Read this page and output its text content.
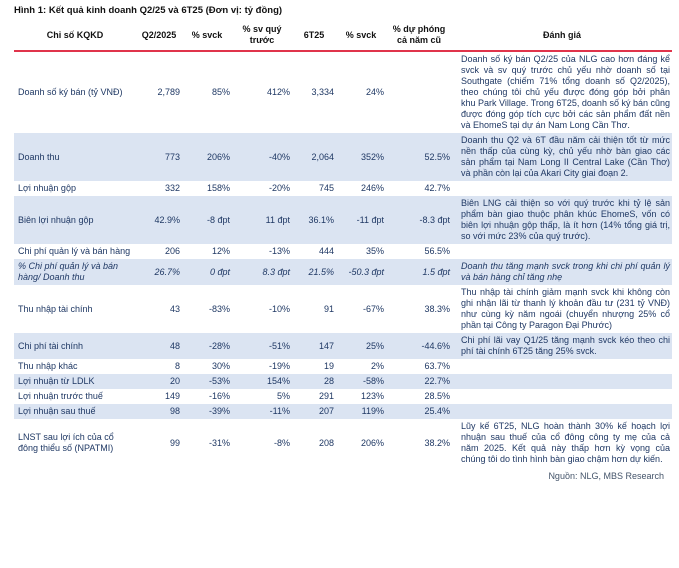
Hình 1: Kết quả kinh doanh Q2/25 và 6T25 (Đơn vị: tỷ đồng)
Chỉ số KQKD	Q2/2025	% svck	% sv quý trước	6T25	% svck	% dự phóng cả năm cũ	Đánh giá
Doanh số ký bán (tỷ VNĐ)	2,789	85%	412%	3,334	24%		Doanh số ký bán Q2/25 của NLG cao hơn đáng kể svck và sv quý trước chủ yếu nhờ doanh số tại Southgate (chiếm 71% tổng doanh số Q2/2025), theo chúng tôi chủ yếu được đóng góp bởi phân khu Park Village. Trong 6T25, doanh số ký bán cũng được đóng góp tích cực bởi các sản phẩm đất nền và EhomeS tại dự án Nam Long Cần Thơ.
Doanh thu	773	206%	-40%	2,064	352%	52.5%	Doanh thu Q2 và 6T đầu năm cải thiện tốt từ mức nền thấp của cùng kỳ, chủ yếu nhờ bàn giao các sản phẩm tại Nam Long II Central Lake (Cần Thơ) và phần còn lại của Akari City giai đoạn 2.
Lợi nhuận gộp	332	158%	-20%	745	246%	42.7%	
Biên lợi nhuận gộp	42.9%	-8 đpt	11 đpt	36.1%	-11 đpt	-8.3 đpt	Biên LNG cải thiện so với quý trước khi tỷ lệ sản phẩm bàn giao thuộc phân khúc EhomeS, vốn có biên lợi nhuận gộp thấp, là ít hơn (14% tổng giá trị, so với mức 23% của quý trước).
Chi phí quản lý và bán hàng	206	12%	-13%	444	35%	56.5%	
% Chi phí quản lý và bán hàng/ Doanh thu	26.7%	0 đpt	8.3 đpt	21.5%	-50.3 đpt	1.5 đpt	Doanh thu tăng mạnh svck trong khi chi phí quản lý và bán hàng chỉ tăng nhẹ
Thu nhập tài chính	43	-83%	-10%	91	-67%	38.3%	Thu nhập tài chính giảm mạnh svck khi không còn ghi nhận lãi từ thanh lý khoản đầu tư (231 tỷ VNĐ) như cùng kỳ năm ngoái (chuyển nhượng 25% cổ phần tại Công ty Paragon Đại Phước)
Chi phí tài chính	48	-28%	-51%	147	25%	-44.6%	Chi phí lãi vay Q1/25 tăng mạnh svck kéo theo chi phí tài chính 6T25 tăng 25% svck.
Thu nhập khác	8	30%	-19%	19	2%	63.7%	
Lợi nhuận từ LDLK	20	-53%	154%	28	-58%	22.7%	
Lợi nhuận trước thuế	149	-16%	5%	291	123%	28.5%	
Lợi nhuận sau thuế	98	-39%	-11%	207	119%	25.4%	
LNST sau lợi ích của cổ đông thiểu số (NPATMI)	99	-31%	-8%	208	206%	38.2%	Lũy kế 6T25, NLG hoàn thành 30% kế hoạch lợi nhuận sau thuế của cổ đông công ty mẹ của cả năm 2025. Kết quả này thấp hơn kỳ vọng của chúng tôi do tình hình bàn giao chậm hơn dự kiến.
Nguồn: NLG, MBS Research
